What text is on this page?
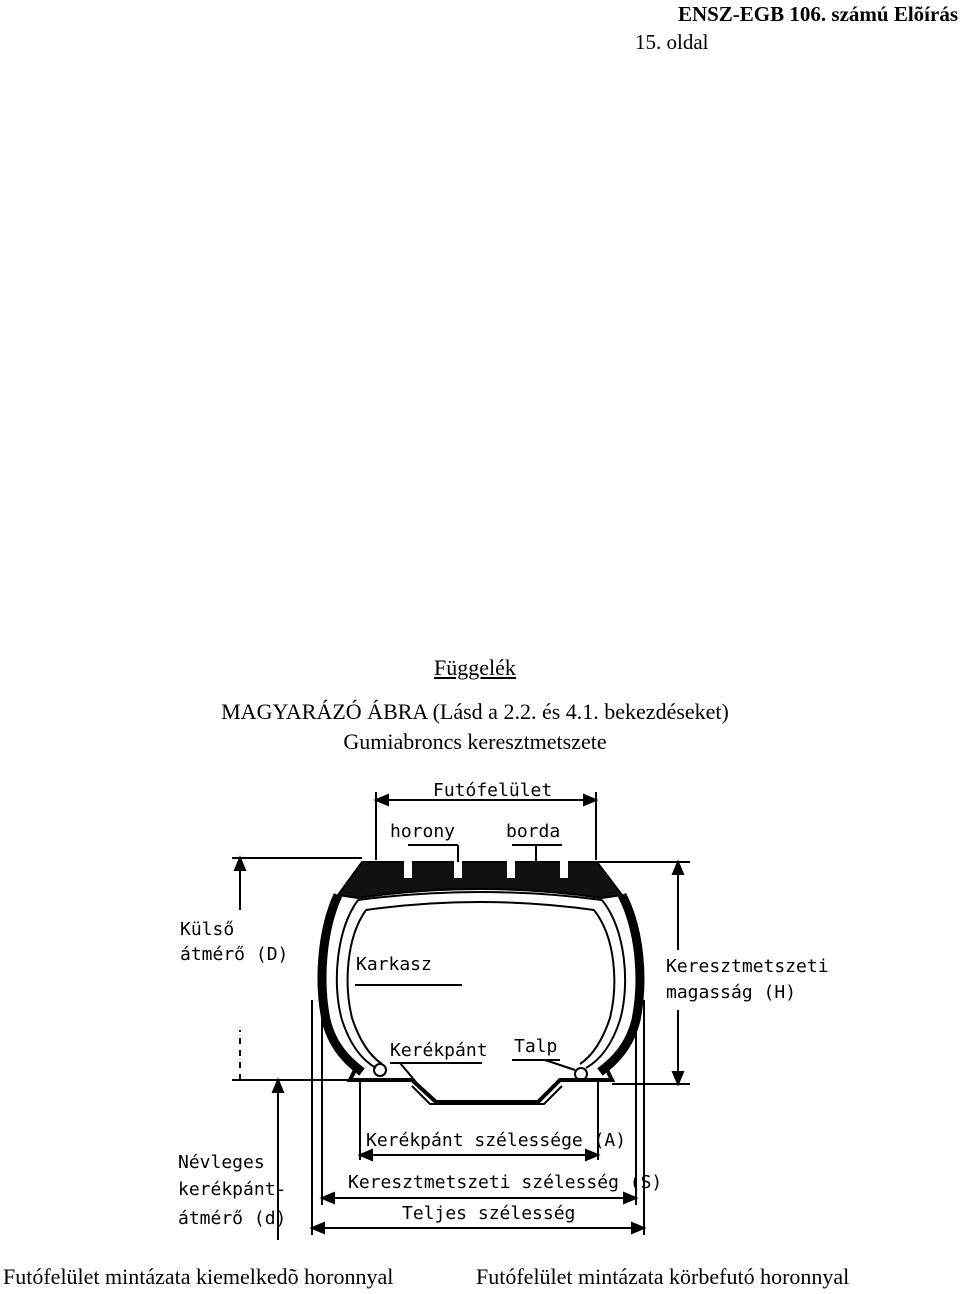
ENSZ-EGB 106. számú Elõírás
15. oldal
Függelék
MAGYARÁZÓ ÁBRA (Lásd a 2.2. és 4.1. bekezdéseket)
Gumiabroncs keresztmetszete
Futófelület
horony	borda
Külső
átmérő (D)	Karkasz	Keresztmetszeti
magasság (H)
Kerékpánt Talp
Kerékpánt szélessége (A)
Névleges
kerékpánt-
átmérő (d)
Keresztmetszeti szélesség (S)
Teljes szélesség
Futófelület mintázata kiemelkedõ horonnyal	Futófelület mintázata körbefutó horonnyal
